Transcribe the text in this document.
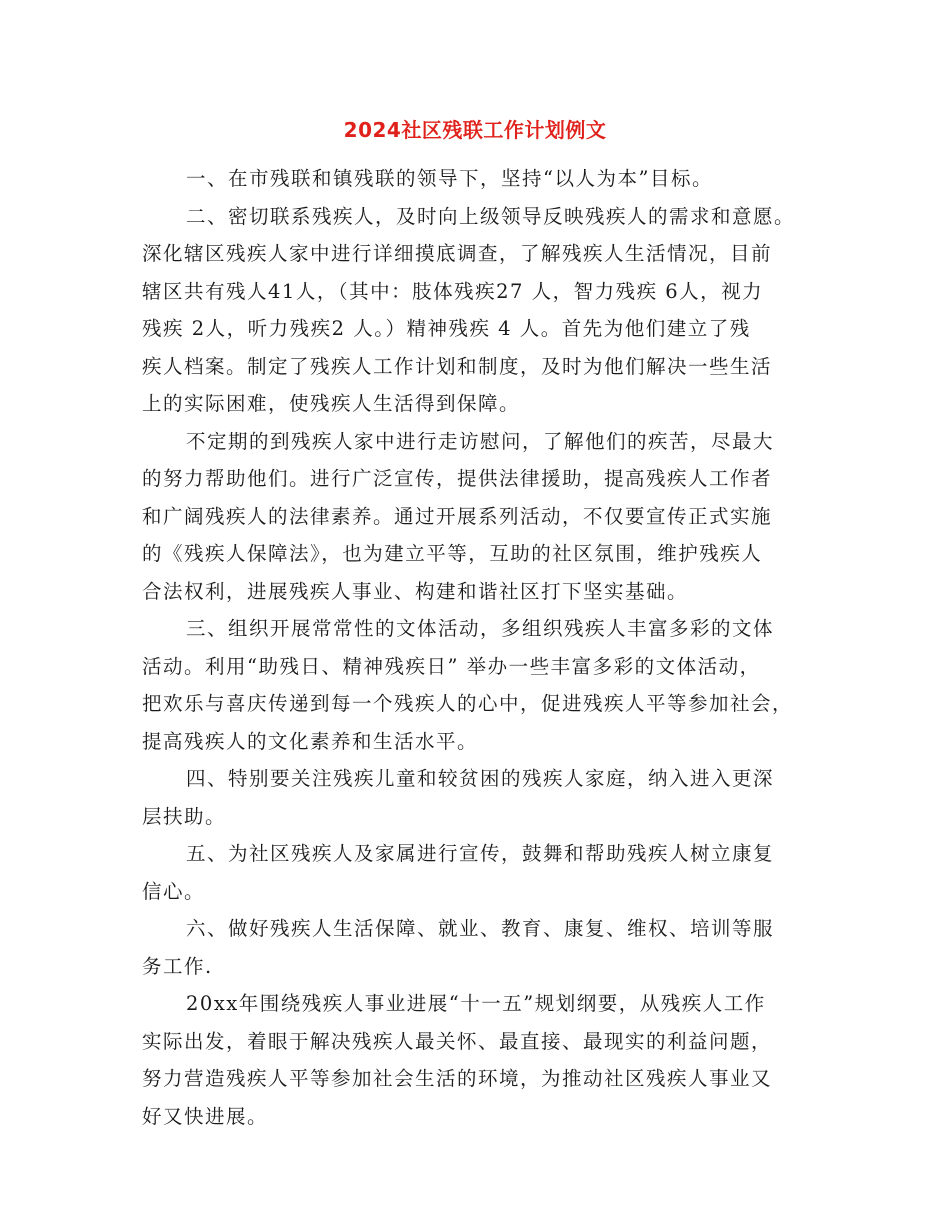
2024社区残联工作计划例文
一、在市残联和镇残联的领导下，坚持“以人为本”目标。
二、密切联系残疾人，及时向上级领导反映残疾人的需求和意愿。
深化辖区残疾人家中进行详细摸底调查，了解残疾人生活情况，目前
辖区共有残人41人，（其中：肢体残疾27 人，智力残疾 6人，视力
残疾 2人，听力残疾2 人。）精神残疾 4 人。首先为他们建立了残
疾人档案。制定了残疾人工作计划和制度，及时为他们解决一些生活
上的实际困难，使残疾人生活得到保障。
不定期的到残疾人家中进行走访慰问，了解他们的疾苦，尽最大
的努力帮助他们。进行广泛宣传，提供法律援助，提高残疾人工作者
和广阔残疾人的法律素养。通过开展系列活动，不仅要宣传正式实施
的《残疾人保障法》，也为建立平等，互助的社区氛围，维护残疾人
合法权利，进展残疾人事业、构建和谐社区打下坚实基础。
三、组织开展常常性的文体活动，多组织残疾人丰富多彩的文体
活动。利用“助残日、精神残疾日” 举办一些丰富多彩的文体活动，
把欢乐与喜庆传递到每一个残疾人的心中，促进残疾人平等参加社会，
提高残疾人的文化素养和生活水平。
四、特别要关注残疾儿童和较贫困的残疾人家庭，纳入进入更深
层扶助。
五、为社区残疾人及家属进行宣传，鼓舞和帮助残疾人树立康复
信心。
六、做好残疾人生活保障、就业、教育、康复、维权、培训等服
务工作.
20xx年围绕残疾人事业进展“十一五”规划纲要，从残疾人工作
实际出发，着眼于解决残疾人最关怀、最直接、最现实的利益问题，
努力营造残疾人平等参加社会生活的环境，为推动社区残疾人事业又
好又快进展。
